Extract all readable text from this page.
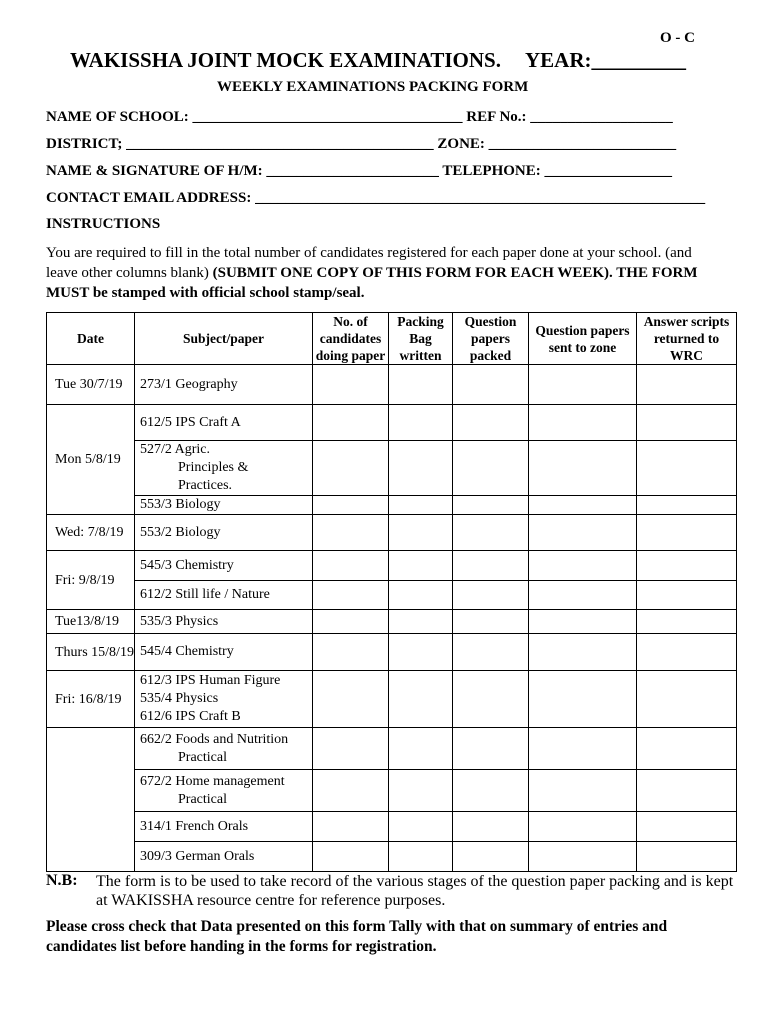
O - C
WAKISSHA JOINT MOCK EXAMINATIONS. YEAR:_________
WEEKLY EXAMINATIONS PACKING FORM
NAME OF SCHOOL: ____________________________________ REF No.: ___________________
DISTRICT; _________________________________________ ZONE: _________________________
NAME & SIGNATURE OF H/M: _______________________ TELEPHONE: _________________
CONTACT EMAIL ADDRESS: ____________________________________________________________
INSTRUCTIONS
You are required to fill in the total number of candidates registered for each paper done at your school. (and leave other columns blank) (SUBMIT ONE COPY OF THIS FORM FOR EACH WEEK). THE FORM MUST be stamped with official school stamp/seal.
Date	Subject/paper	No. of candidates doing paper	Packing Bag written	Question papers packed	Question papers sent to zone	Answer scripts returned to WRC
Tue 30/7/19	273/1 Geography					
Mon 5/8/19	612/5 IPS Craft A					
	527/2 Agric.
Principles &
Practices.					

	553/3 Biology					
Wed: 7/8/19	553/2 Biology					
Fri: 9/8/19	545/3 Chemistry					
	612/2 Still life / Nature					
Tue13/8/19	535/3 Physics					
Thurs 15/8/19	545/4 Chemistry					
Fri: 16/8/19	612/3 IPS Human Figure
535/4 Physics
612/6 IPS Craft B					

	662/2 Foods and Nutrition
Practical					

	672/2 Home management
Practical					

	314/1 French Orals					
	309/3 German Orals					
N.B: The form is to be used to take record of the various stages of the question paper packing and is kept at WAKISSHA resource centre for reference purposes.
Please cross check that Data presented on this form Tally with that on summary of entries and candidates list before handing in the forms for registration.
